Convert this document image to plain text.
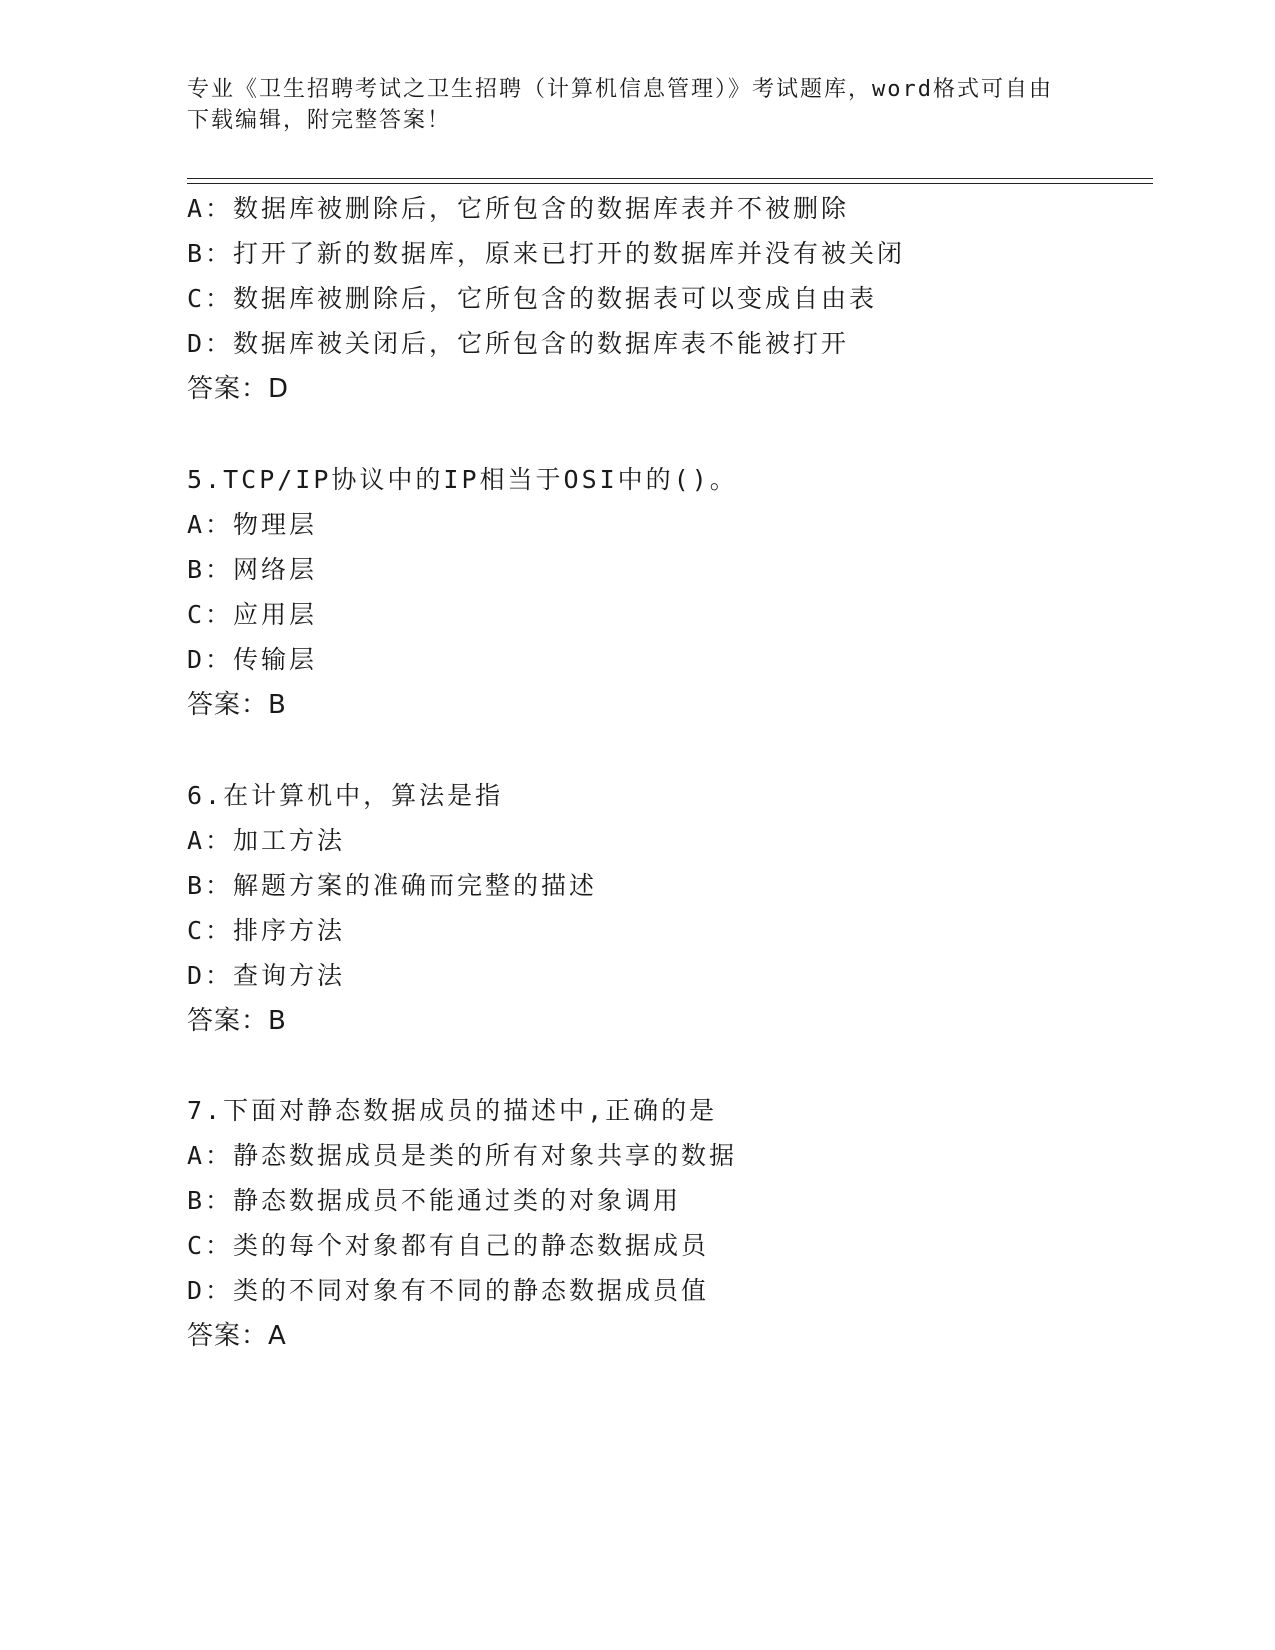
专业《卫生招聘考试之卫生招聘（计算机信息管理）》考试题库，word格式可自由下载编辑，附完整答案！
A：数据库被删除后，它所包含的数据库表并不被删除
B：打开了新的数据库，原来已打开的数据库并没有被关闭
C：数据库被删除后，它所包含的数据表可以变成自由表
D：数据库被关闭后，它所包含的数据库表不能被打开
答案：D
5.TCP/IP协议中的IP相当于OSI中的()。
A：物理层
B：网络层
C：应用层
D：传输层
答案：B
6.在计算机中，算法是指
A：加工方法
B：解题方案的准确而完整的描述
C：排序方法
D：查询方法
答案：B
7.下面对静态数据成员的描述中,正确的是
A：静态数据成员是类的所有对象共享的数据
B：静态数据成员不能通过类的对象调用
C：类的每个对象都有自己的静态数据成员
D：类的不同对象有不同的静态数据成员值
答案：A
